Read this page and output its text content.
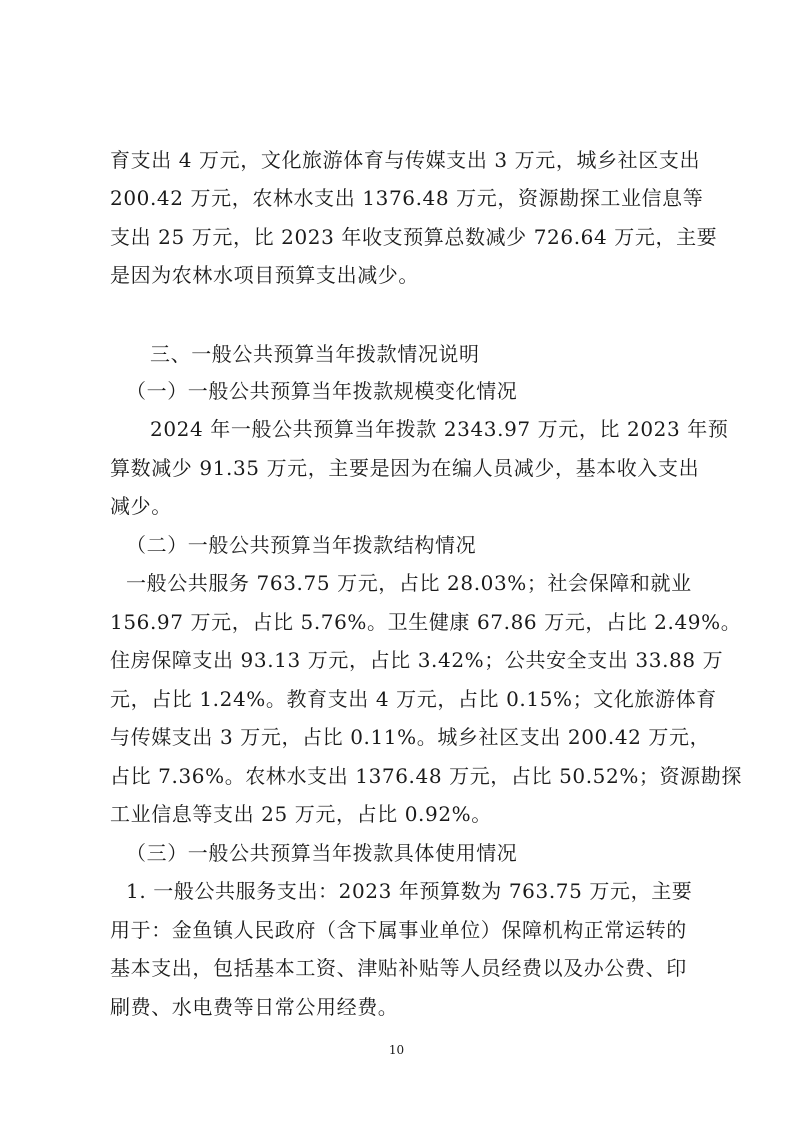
育支出 4 万元，文化旅游体育与传媒支出 3 万元，城乡社区支出
200.42 万元，农林水支出 1376.48 万元，资源勘探工业信息等
支出 25 万元，比 2023 年收支预算总数减少 726.64 万元，主要
是因为农林水项目预算支出减少。
三、一般公共预算当年拨款情况说明
（一）一般公共预算当年拨款规模变化情况
2024 年一般公共预算当年拨款 2343.97 万元，比 2023 年预
算数减少 91.35 万元，主要是因为在编人员减少，基本收入支出
减少。
（二）一般公共预算当年拨款结构情况
一般公共服务 763.75 万元，占比 28.03%；社会保障和就业
156.97 万元，占比 5.76%。卫生健康 67.86 万元，占比 2.49%。
住房保障支出 93.13 万元，占比 3.42%；公共安全支出 33.88 万
元，占比 1.24%。教育支出 4 万元，占比 0.15%；文化旅游体育
与传媒支出 3 万元，占比 0.11%。城乡社区支出 200.42 万元，
占比 7.36%。农林水支出 1376.48 万元，占比 50.52%；资源勘探
工业信息等支出 25 万元，占比 0.92%。
（三）一般公共预算当年拨款具体使用情况
1. 一般公共服务支出：2023 年预算数为 763.75 万元，主要
用于：金鱼镇人民政府（含下属事业单位）保障机构正常运转的
基本支出，包括基本工资、津贴补贴等人员经费以及办公费、印
刷费、水电费等日常公用经费。
10
